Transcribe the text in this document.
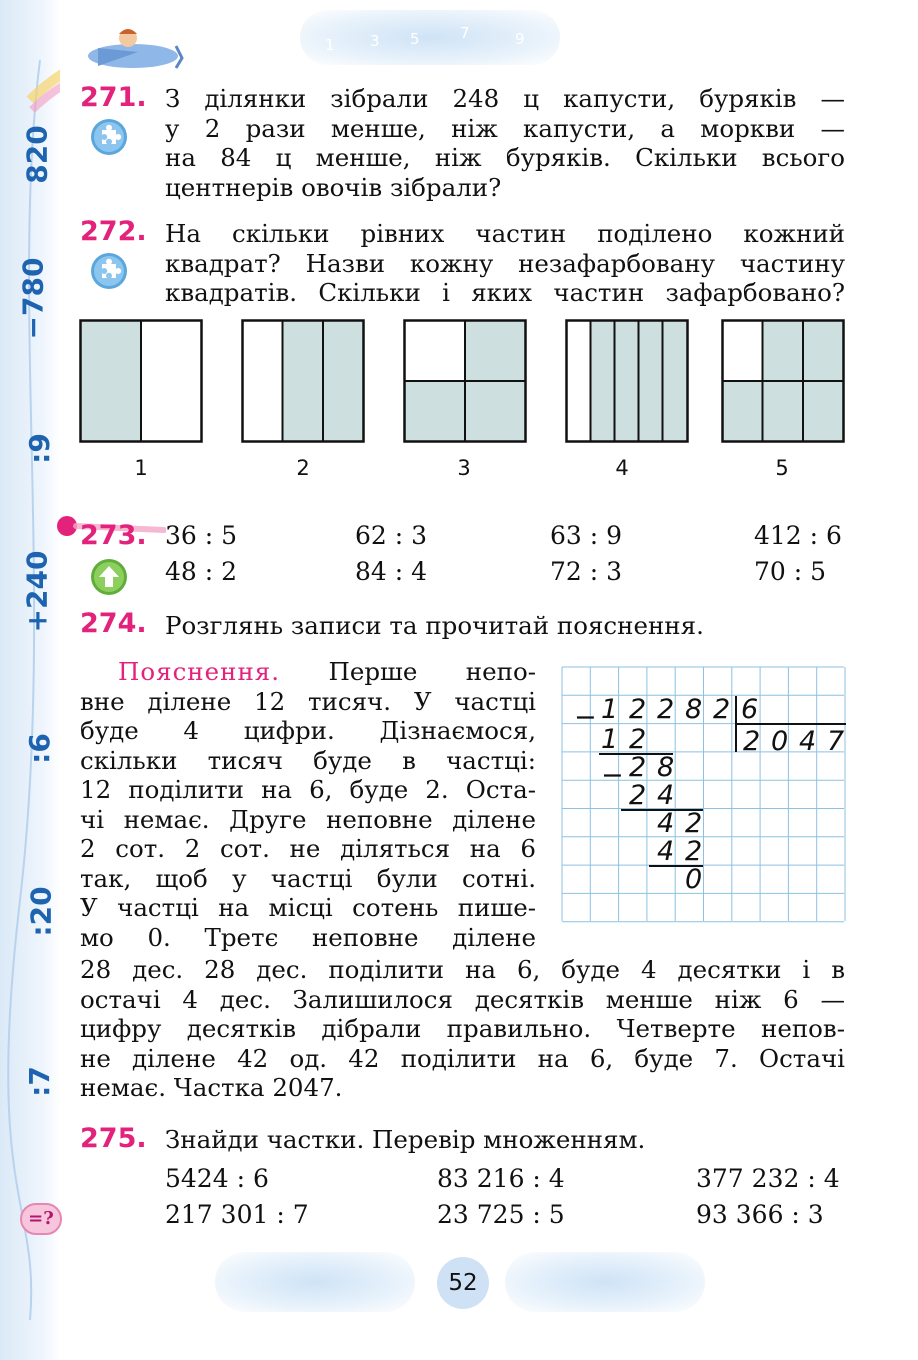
820
−780
:9
+240
:6
:20
:7
1 3 5	7	9
271. З ділянки зібрали 248 ц капусти, буряків —
у 2 рази менше, ніж капусти, а моркви —
на 84 ц менше, ніж буряків. Скільки всього
центнерів овочів зібрали?
272. На скільки рівних частин поділено кожний
квадрат? Назви кожну незафарбовану частину
квадратів. Скільки і яких частин зафарбовано?
1	2	3	4	5
273. 36 : 5	62 : 3	63 : 9	412 : 6
48 : 2	84 : 4	72 : 3	70 : 5
274. Розглянь записи та прочитай пояснення.
Пояснення. Перше непо-
вне ділене 12 тисяч. У частці
буде 4 цифри. Дізнаємося,
скільки тисяч буде в частці:
12 поділити на 6, буде 2. Оста-
чі немає. Друге неповне ділене
2 сот. 2 сот. не діляться на 6
так, щоб у частці були сотні.
У частці на місці сотень пише-
мо 0. Третє неповне ділене
28 дес. 28 дес. поділити на 6, буде 4 десятки і в
остачі 4 дес. Залишилося десятків менше ніж 6 —
цифру десятків дібрали правильно. Четверте непов-
не ділене 42 од. 42 поділити на 6, буде 7. Остачі
немає. Частка 2047.
− 1 2 2 8 2 6
2 0 4 7
1 2
− 2 8
2 4
4 2
4 2
0
275. Знайди частки. Перевір множенням.
5424 : 6	83 216 : 4	377 232 : 4
217 301 : 7	23 725 : 5	93 366 : 3
=?
52
